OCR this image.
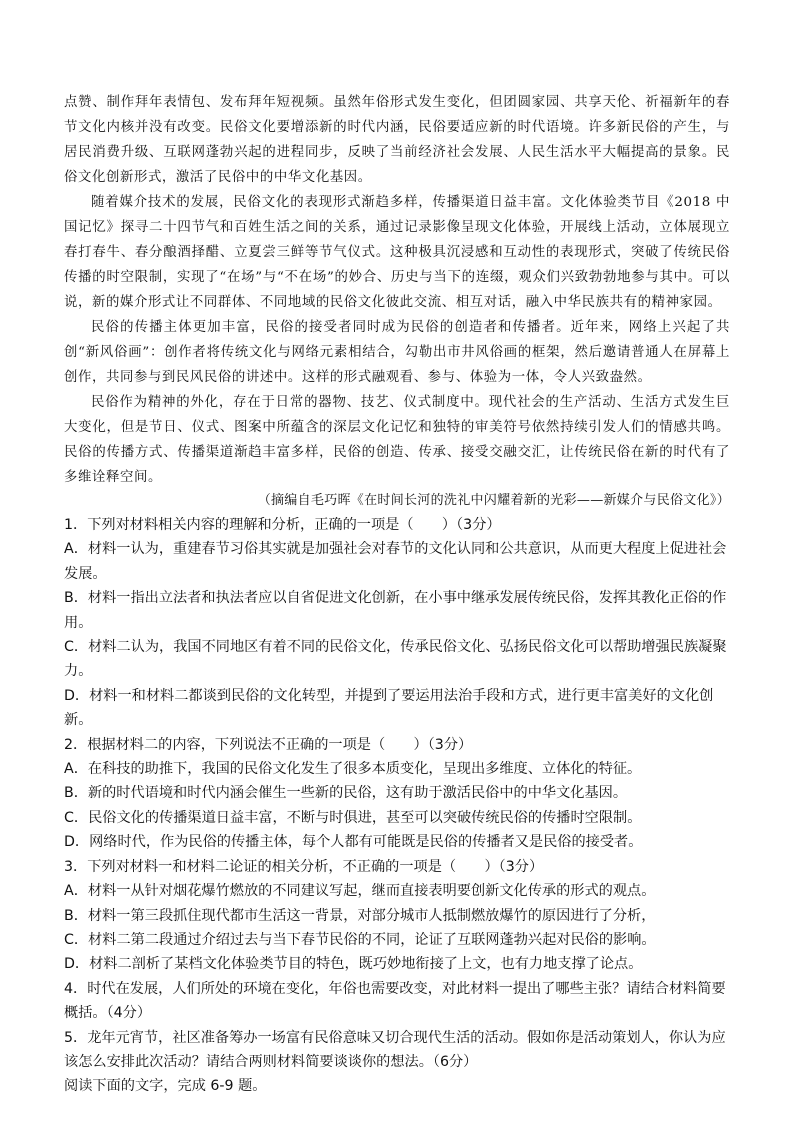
点赞、制作拜年表情包、发布拜年短视频。虽然年俗形式发生变化，但团圆家园、共享天伦、祈福新年的春节文化内核并没有改变。民俗文化要增添新的时代内涵，民俗要适应新的时代语境。许多新民俗的产生，与居民消费升级、互联网蓬勃兴起的进程同步，反映了当前经济社会发展、人民生活水平大幅提高的景象。民俗文化创新形式，激活了民俗中的中华文化基因。
随着媒介技术的发展，民俗文化的表现形式渐趋多样，传播渠道日益丰富。文化体验类节目《2018 中国记忆》探寻二十四节气和百姓生活之间的关系，通过记录影像呈现文化体验，开展线上活动，立体展现立春打春牛、春分酿酒择醋、立夏尝三鲜等节气仪式。这种极具沉浸感和互动性的表现形式，突破了传统民俗传播的时空限制，实现了“在场”与“不在场”的妙合、历史与当下的连缀，观众们兴致勃勃地参与其中。可以说，新的媒介形式让不同群体、不同地域的民俗文化彼此交流、相互对话，融入中华民族共有的精神家园。
民俗的传播主体更加丰富，民俗的接受者同时成为民俗的创造者和传播者。近年来，网络上兴起了共创“新风俗画”：创作者将传统文化与网络元素相结合，勾勒出市井风俗画的框架，然后邀请普通人在屏幕上创作，共同参与到民风民俗的讲述中。这样的形式融观看、参与、体验为一体，令人兴致盎然。
民俗作为精神的外化，存在于日常的器物、技艺、仪式制度中。现代社会的生产活动、生活方式发生巨大变化，但是节日、仪式、图案中所蕴含的深层文化记忆和独特的审美符号依然持续引发人们的情感共鸣。民俗的传播方式、传播渠道渐趋丰富多样，民俗的创造、传承、接受交融交汇，让传统民俗在新的时代有了多维诠释空间。
（摘编自毛巧晖《在时间长河的洗礼中闪耀着新的光彩——新媒介与民俗文化》）
1．下列对材料相关内容的理解和分析，正确的一项是（　　）（3分）
A．材料一认为，重建春节习俗其实就是加强社会对春节的文化认同和公共意识，从而更大程度上促进社会发展。
B．材料一指出立法者和执法者应以自省促进文化创新，在小事中继承发展传统民俗，发挥其教化正俗的作用。
C．材料二认为，我国不同地区有着不同的民俗文化，传承民俗文化、弘扬民俗文化可以帮助增强民族凝聚力。
D．材料一和材料二都谈到民俗的文化转型，并提到了要运用法治手段和方式，进行更丰富美好的文化创新。
2．根据材料二的内容，下列说法不正确的一项是（　　）（3分）
A．在科技的助推下，我国的民俗文化发生了很多本质变化，呈现出多维度、立体化的特征。
B．新的时代语境和时代内涵会催生一些新的民俗，这有助于激活民俗中的中华文化基因。
C．民俗文化的传播渠道日益丰富，不断与时俱进，甚至可以突破传统民俗的传播时空限制。
D．网络时代，作为民俗的传播主体，每个人都有可能既是民俗的传播者又是民俗的接受者。
3．下列对材料一和材料二论证的相关分析，不正确的一项是（　　）（3分）
A．材料一从针对烟花爆竹燃放的不同建议写起，继而直接表明要创新文化传承的形式的观点。
B．材料一第三段抓住现代都市生活这一背景，对部分城市人抵制燃放爆竹的原因进行了分析，
C．材料二第二段通过介绍过去与当下春节民俗的不同，论证了互联网蓬勃兴起对民俗的影响。
D．材料二剖析了某档文化体验类节目的特色，既巧妙地衔接了上文，也有力地支撑了论点。
4．时代在发展，人们所处的环境在变化，年俗也需要改变，对此材料一提出了哪些主张？请结合材料简要概括。（4分）
5．龙年元宵节，社区准备筹办一场富有民俗意味又切合现代生活的活动。假如你是活动策划人，你认为应该怎么安排此次活动？请结合两则材料简要谈谈你的想法。（6分）
阅读下面的文字，完成 6-9 题。
